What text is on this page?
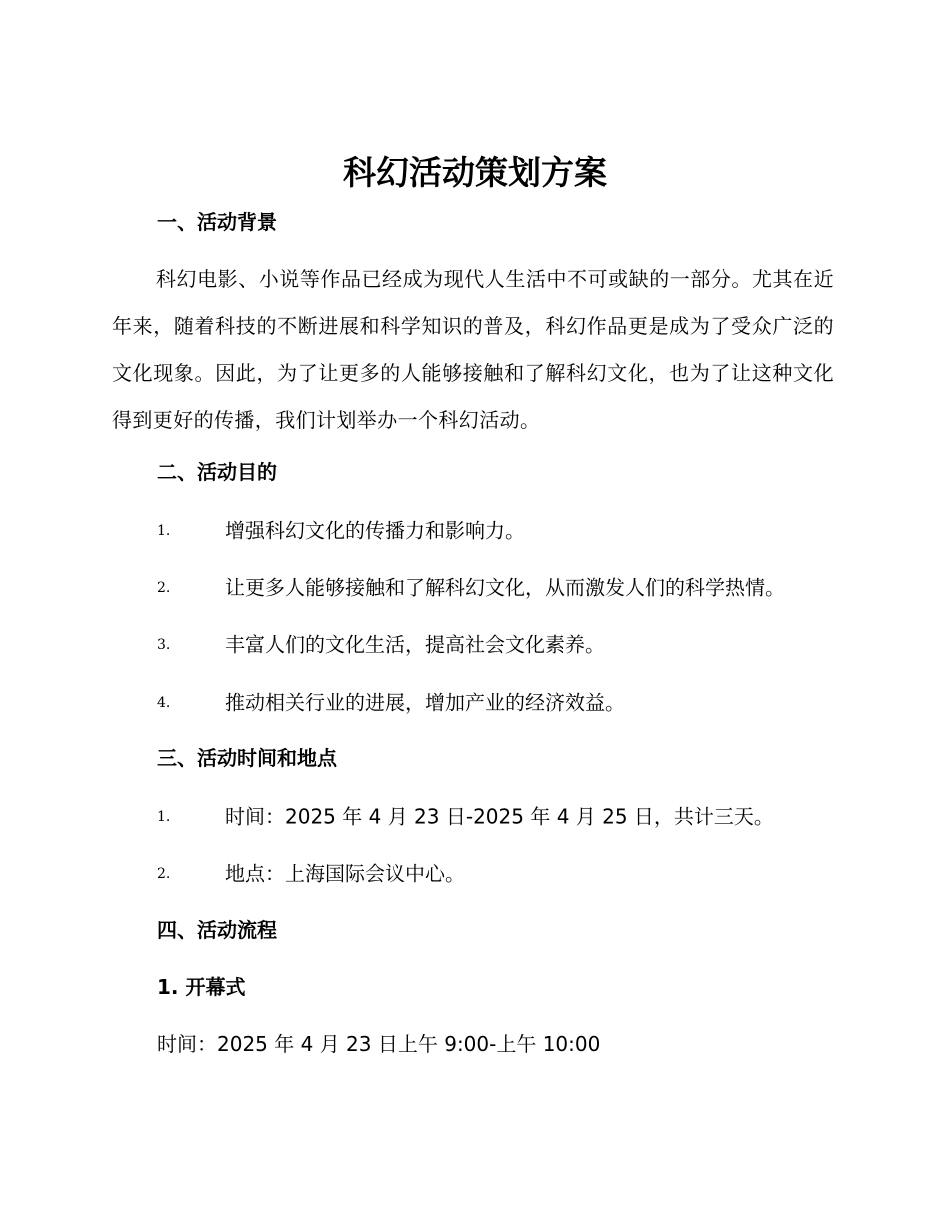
科幻活动策划方案
一、活动背景
科幻电影、小说等作品已经成为现代人生活中不可或缺的一部分。尤其在近年来，随着科技的不断进展和科学知识的普及，科幻作品更是成为了受众广泛的文化现象。因此，为了让更多的人能够接触和了解科幻文化，也为了让这种文化得到更好的传播，我们计划举办一个科幻活动。
二、活动目的
1.	增强科幻文化的传播力和影响力。
2.	让更多人能够接触和了解科幻文化，从而激发人们的科学热情。
3.	丰富人们的文化生活，提高社会文化素养。
4.	推动相关行业的进展，增加产业的经济效益。
三、活动时间和地点
1.	时间：2025 年 4 月 23 日-2025 年 4 月 25 日，共计三天。
2.	地点：上海国际会议中心。
四、活动流程
1. 开幕式
时间：2025 年 4 月 23 日上午 9:00-上午 10:00
